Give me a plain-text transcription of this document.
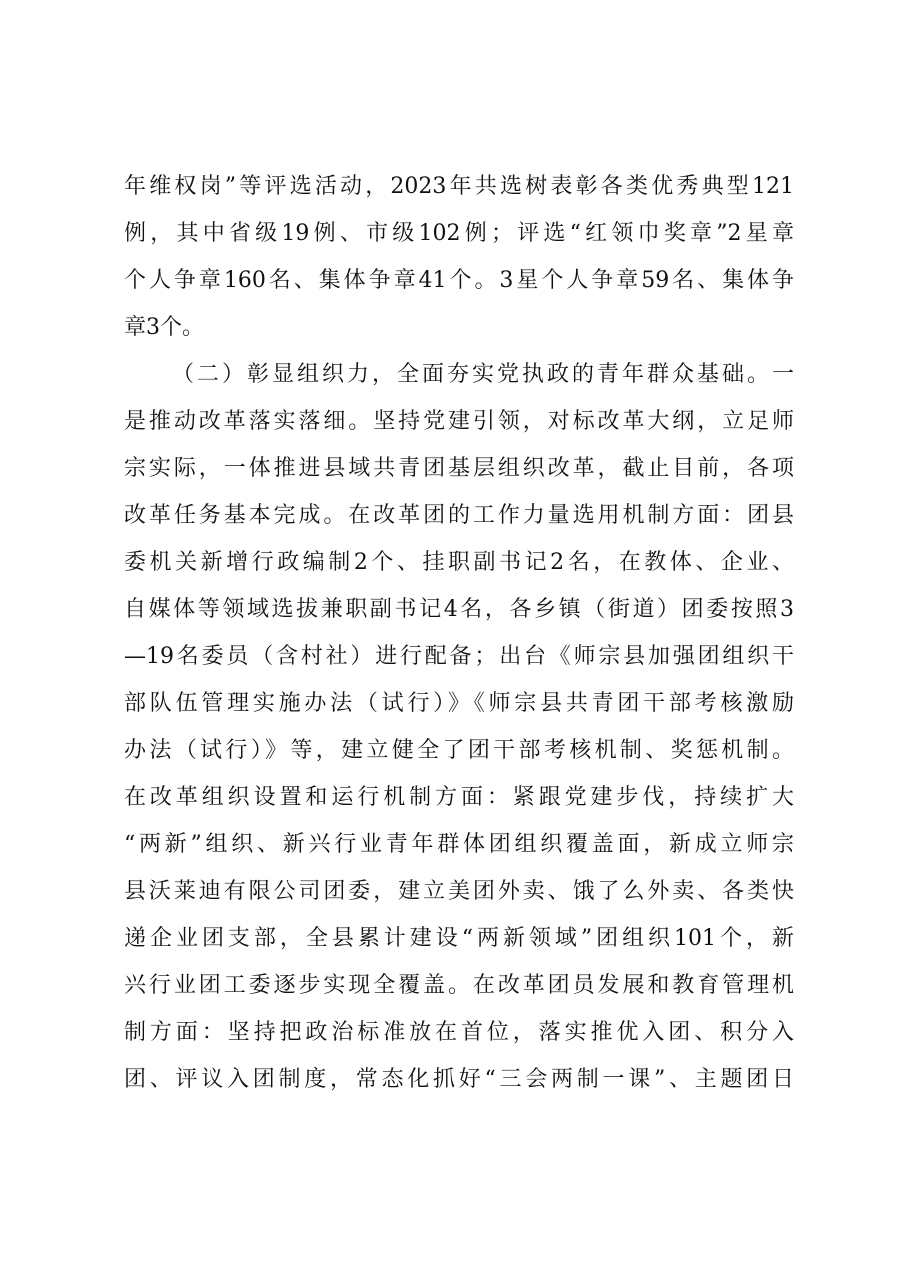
年维权岗”等评选活动，2023年共选树表彰各类优秀典型121
例，其中省级19例、市级102例；评选“红领巾奖章”2星章
个人争章160名、集体争章41个。3星个人争章59名、集体争
章3个。
（二）彰显组织力，全面夯实党执政的青年群众基础。一
是推动改革落实落细。坚持党建引领，对标改革大纲，立足师
宗实际，一体推进县域共青团基层组织改革，截止目前，各项
改革任务基本完成。在改革团的工作力量选用机制方面：团县
委机关新增行政编制2个、挂职副书记2名，在教体、企业、
自媒体等领域选拔兼职副书记4名，各乡镇（街道）团委按照3
—19名委员（含村社）进行配备；出台《师宗县加强团组织干
部队伍管理实施办法（试行）》《师宗县共青团干部考核激励
办法（试行）》等，建立健全了团干部考核机制、奖惩机制。
在改革组织设置和运行机制方面：紧跟党建步伐，持续扩大
“两新”组织、新兴行业青年群体团组织覆盖面，新成立师宗
县沃莱迪有限公司团委，建立美团外卖、饿了么外卖、各类快
递企业团支部，全县累计建设“两新领域”团组织101个，新
兴行业团工委逐步实现全覆盖。在改革团员发展和教育管理机
制方面：坚持把政治标准放在首位，落实推优入团、积分入
团、评议入团制度，常态化抓好“三会两制一课”、主题团日
